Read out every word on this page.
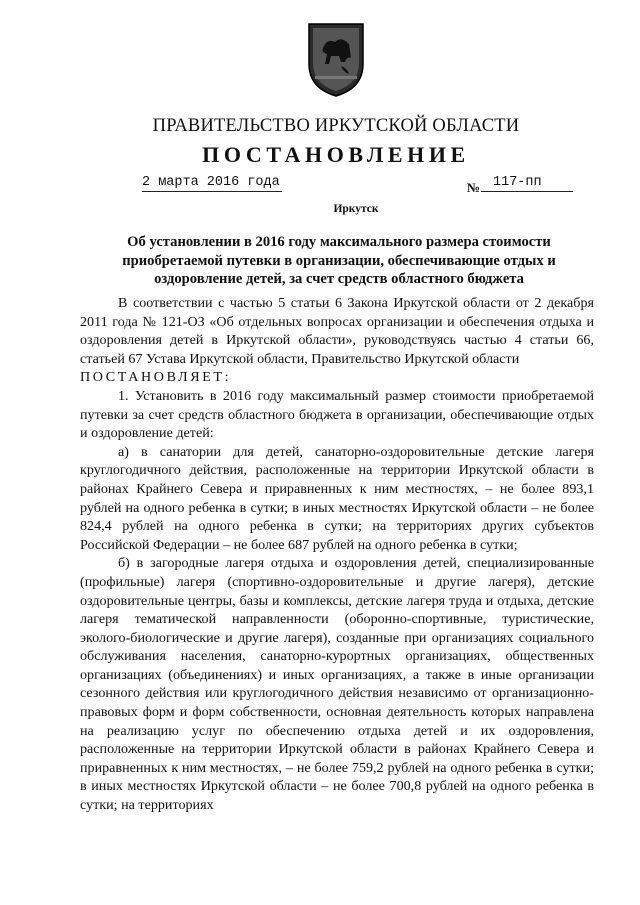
ПРАВИТЕЛЬСТВО ИРКУТСКОЙ ОБЛАСТИ
ПОСТАНОВЛЕНИЕ
2 марта 2016 года	№ 117-пп
Иркутск
Об установлении в 2016 году максимального размера стоимости приобретаемой путевки в организации, обеспечивающие отдых и оздоровление детей, за счет средств областного бюджета

В соответствии с частью 5 статьи 6 Закона Иркутской области от 2 декабря 2011 года № 121-ОЗ «Об отдельных вопросах организации и обеспечения отдыха и оздоровления детей в Иркутской области», руководствуясь частью 4 статьи 66, статьей 67 Устава Иркутской области, Правительство Иркутской области

ПОСТАНОВЛЯЕТ:

1. Установить в 2016 году максимальный размер стоимости приобретаемой путевки за счет средств областного бюджета в организации, обеспечивающие отдых и оздоровление детей:

а) в санатории для детей, санаторно-оздоровительные детские лагеря круглогодичного действия, расположенные на территории Иркутской области в районах Крайнего Севера и приравненных к ним местностях, – не более 893,1 рублей на одного ребенка в сутки; в иных местностях Иркутской области – не более 824,4 рублей на одного ребенка в сутки; на территориях других субъектов Российской Федерации – не более 687 рублей на одного ребенка в сутки;

б) в загородные лагеря отдыха и оздоровления детей, специализированные (профильные) лагеря (спортивно-оздоровительные и другие лагеря), детские оздоровительные центры, базы и комплексы, детские лагеря труда и отдыха, детские лагеря тематической направленности (оборонно-спортивные, туристические, эколого-биологические и другие лагеря), созданные при организациях социального обслуживания населения, санаторно-курортных организациях, общественных организациях (объединениях) и иных организациях, а также в иные организации сезонного действия или круглогодичного действия независимо от организационно-правовых форм и форм собственности, основная деятельность которых направлена на реализацию услуг по обеспечению отдыха детей и их оздоровления, расположенные на территории Иркутской области в районах Крайнего Севера и приравненных к ним местностях, – не более 759,2 рублей на одного ребенка в сутки; в иных местностях Иркутской области – не более 700,8 рублей на одного ребенка в сутки; на территориях
